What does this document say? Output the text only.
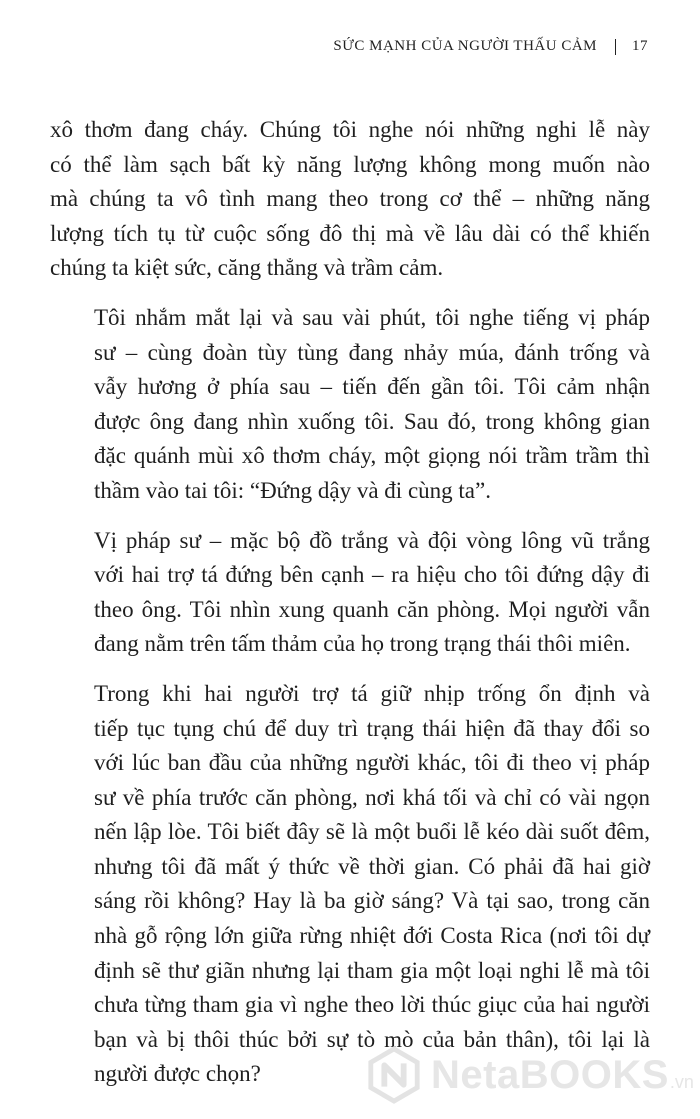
SỨC MẠNH CỦA NGƯỜI THẤU CẢM 17

xô thơm đang cháy. Chúng tôi nghe nói những nghi lễ này
có thể làm sạch bất kỳ năng lượng không mong muốn nào
mà chúng ta vô tình mang theo trong cơ thể – những năng
lượng tích tụ từ cuộc sống đô thị mà về lâu dài có thể khiến
chúng ta kiệt sức, căng thẳng và trầm cảm.

Tôi nhắm mắt lại và sau vài phút, tôi nghe tiếng vị pháp
sư – cùng đoàn tùy tùng đang nhảy múa, đánh trống và
vẫy hương ở phía sau – tiến đến gần tôi. Tôi cảm nhận
được ông đang nhìn xuống tôi. Sau đó, trong không gian
đặc quánh mùi xô thơm cháy, một giọng nói trầm trầm thì
thầm vào tai tôi: “Đứng dậy và đi cùng ta”.

Vị pháp sư – mặc bộ đồ trắng và đội vòng lông vũ trắng
với hai trợ tá đứng bên cạnh – ra hiệu cho tôi đứng dậy đi
theo ông. Tôi nhìn xung quanh căn phòng. Mọi người vẫn
đang nằm trên tấm thảm của họ trong trạng thái thôi miên.

Trong khi hai người trợ tá giữ nhịp trống ổn định và
tiếp tục tụng chú để duy trì trạng thái hiện đã thay đổi so
với lúc ban đầu của những người khác, tôi đi theo vị pháp
sư về phía trước căn phòng, nơi khá tối và chỉ có vài ngọn
nến lập lòe. Tôi biết đây sẽ là một buổi lễ kéo dài suốt đêm,
nhưng tôi đã mất ý thức về thời gian. Có phải đã hai giờ
sáng rồi không? Hay là ba giờ sáng? Và tại sao, trong căn
nhà gỗ rộng lớn giữa rừng nhiệt đới Costa Rica (nơi tôi dự
định sẽ thư giãn nhưng lại tham gia một loại nghi lễ mà tôi
chưa từng tham gia vì nghe theo lời thúc giục của hai người
bạn và bị thôi thúc bởi sự tò mò của bản thân), tôi lại là
người được chọn?	NetaBOOKS .vn
